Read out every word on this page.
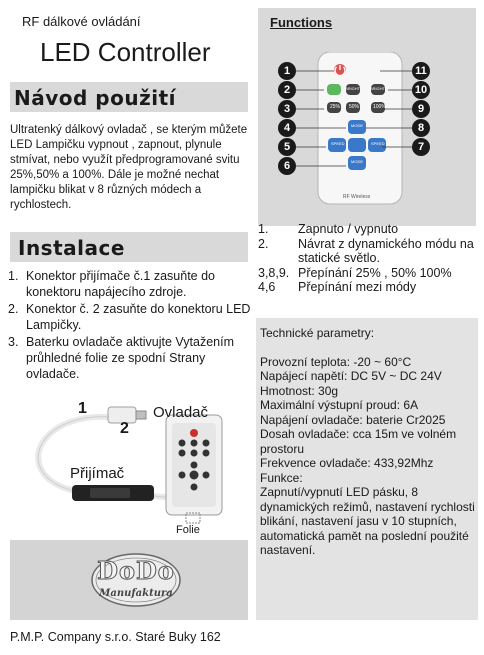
RF dálkové ovládání
LED Controller
Návod použití
Ultratenký dálkový ovladač , se kterým můžete LED Lampičku vypnout , zapnout, plynule stmívat, nebo využít předprogramované svitu 25%,50% a 100%. Dále je možné nechat lampičku blikat v 8 různých módech a rychlostech.
Instalace
1. Konektor přijímače č.1 zasuňte do konektoru napájecího zdroje.
2. Konektor č. 2 zasuňte do konektoru LED Lampičky.
3. Baterku ovladače aktivujte Vytažením průhledné folie ze spodní Strany ovladače.
1
2
Ovladač
Přijímač
Folie
Functions
BRIGHT BRIGHT
25% 50%	100%
MODE
SPEED	SPEED
MODE
RF Wireless
1
2
3
4
5
6
7
8
9
10
11
1.	Zapnuto / vypnuto
2.	Návrat z dynamického módu na statické světlo.
3,8,9. Přepínání 25% , 50% 100%
4,6	Přepínání mezi módy

Technické parametry:

Provozní teplota: -20 ~ 60°C

Napájecí napětí: DC 5V ~ DC 24V

Hmotnost: 30g

Maximální výstupní proud: 6A

Napájení ovladače: baterie Cr2025

Dosah ovladače: cca 15m ve volném prostoru

Frekvence ovladače: 433,92Mhz

Funkce:

Zapnutí/vypnutí LED pásku, 8 dynamických režimů, nastavení rychlosti blikání, nastavení jasu v 10 stupních, automatická pamět na poslední použité nastavení.

DoDo
Manufaktura
P.M.P. Company s.r.o. Staré Buky 162
